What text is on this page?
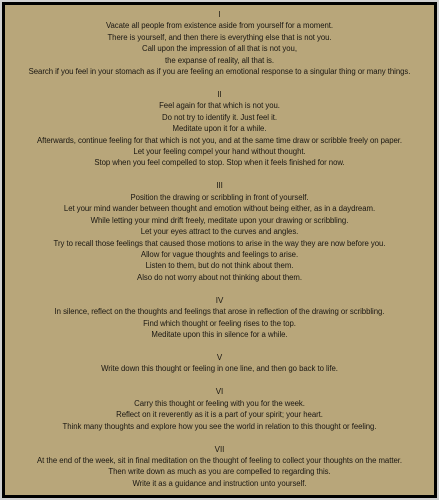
I
Vacate all people from existence aside from yourself for a moment.
There is yourself, and then there is everything else that is not you.
Call upon the impression of all that is not you,
the expanse of reality, all that is.
Search if you feel in your stomach as if you are feeling an emotional response to a singular thing or many things.
II
Feel again for that which is not you.
Do not try to identify it. Just feel it.
Meditate upon it for a while.
Afterwards, continue feeling for that which is not you, and at the same time draw or scribble freely on paper.
Let your feeling compel your hand without thought.
Stop when you feel compelled to stop. Stop when it feels finished for now.
III
Position the drawing or scribbling in front of yourself.
Let your mind wander between thought and emotion without being either, as in a daydream.
While letting your mind drift freely, meditate upon your drawing or scribbling.
Let your eyes attract to the curves and angles.
Try to recall those feelings that caused those motions to arise in the way they are now before you.
Allow for vague thoughts and feelings to arise.
Listen to them, but do not think about them.
Also do not worry about not thinking about them.
IV
In silence, reflect on the thoughts and feelings that arose in reflection of the drawing or scribbling.
Find which thought or feeling rises to the top.
Meditate upon this in silence for a while.
V
Write down this thought or feeling in one line, and then go back to life.
VI
Carry this thought or feeling with you for the week.
Reflect on it reverently as it is a part of your spirit; your heart.
Think many thoughts and explore how you see the world in relation to this thought or feeling.
VII
At the end of the week, sit in final meditation on the thought of feeling to collect your thoughts on the matter.
Then write down as much as you are compelled to regarding this.
Write it as a guidance and instruction unto yourself.
